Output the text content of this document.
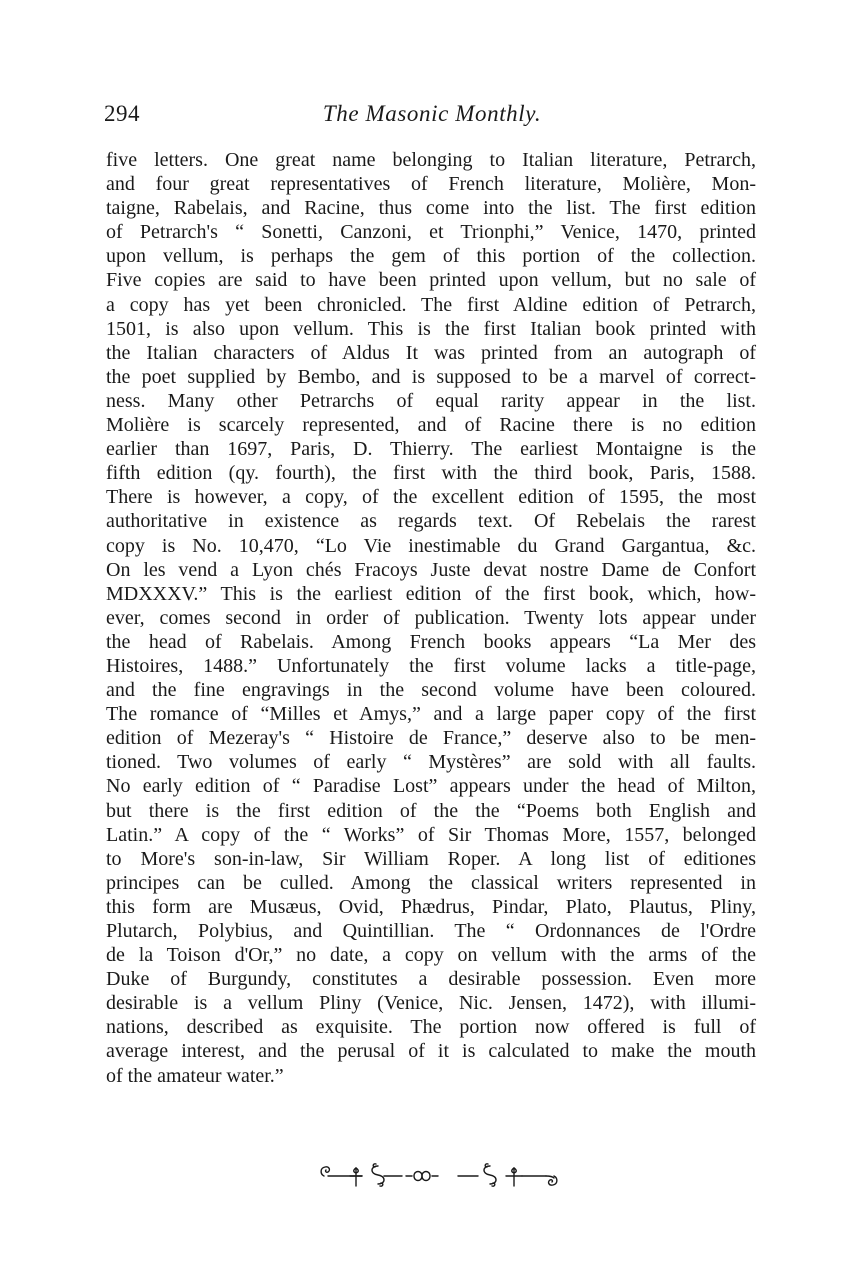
294	The Masonic Monthly.
five letters. One great name belonging to Italian literature, Petrarch,
and four great representatives of French literature, Molière, Mon-
taigne, Rabelais, and Racine, thus come into the list. The first edition
of Petrarch's “ Sonetti, Canzoni, et Trionphi,” Venice, 1470, printed
upon vellum, is perhaps the gem of this portion of the collection.
Five copies are said to have been printed upon vellum, but no sale of
a copy has yet been chronicled. The first Aldine edition of Petrarch,
1501, is also upon vellum. This is the first Italian book printed with
the Italian characters of Aldus It was printed from an autograph of
the poet supplied by Bembo, and is supposed to be a marvel of correct-
ness. Many other Petrarchs of equal rarity appear in the list.
Molière is scarcely represented, and of Racine there is no edition
earlier than 1697, Paris, D. Thierry. The earliest Montaigne is the
fifth edition (qy. fourth), the first with the third book, Paris, 1588.
There is however, a copy, of the excellent edition of 1595, the most
authoritative in existence as regards text. Of Rebelais the rarest
copy is No. 10,470, “Lo Vie inestimable du Grand Gargantua, &c.
On les vend a Lyon chés Fracoys Juste devat nostre Dame de Confort
MDXXXV.” This is the earliest edition of the first book, which, how-
ever, comes second in order of publication. Twenty lots appear under
the head of Rabelais. Among French books appears “La Mer des
Histoires, 1488.” Unfortunately the first volume lacks a title-page,
and the fine engravings in the second volume have been coloured.
The romance of “Milles et Amys,” and a large paper copy of the first
edition of Mezeray's “ Histoire de France,” deserve also to be men-
tioned. Two volumes of early “ Mystères” are sold with all faults.
No early edition of “ Paradise Lost” appears under the head of Milton,
but there is the first edition of the the “Poems both English and
Latin.” A copy of the “ Works” of Sir Thomas More, 1557, belonged
to More's son-in-law, Sir William Roper. A long list of editiones
principes can be culled. Among the classical writers represented in
this form are Musæus, Ovid, Phædrus, Pindar, Plato, Plautus, Pliny,
Plutarch, Polybius, and Quintillian. The “ Ordonnances de l'Ordre
de la Toison d'Or,” no date, a copy on vellum with the arms of the
Duke of Burgundy, constitutes a desirable possession. Even more
desirable is a vellum Pliny (Venice, Nic. Jensen, 1472), with illumi-
nations, described as exquisite. The portion now offered is full of
average interest, and the perusal of it is calculated to make the mouth
of the amateur water.”
